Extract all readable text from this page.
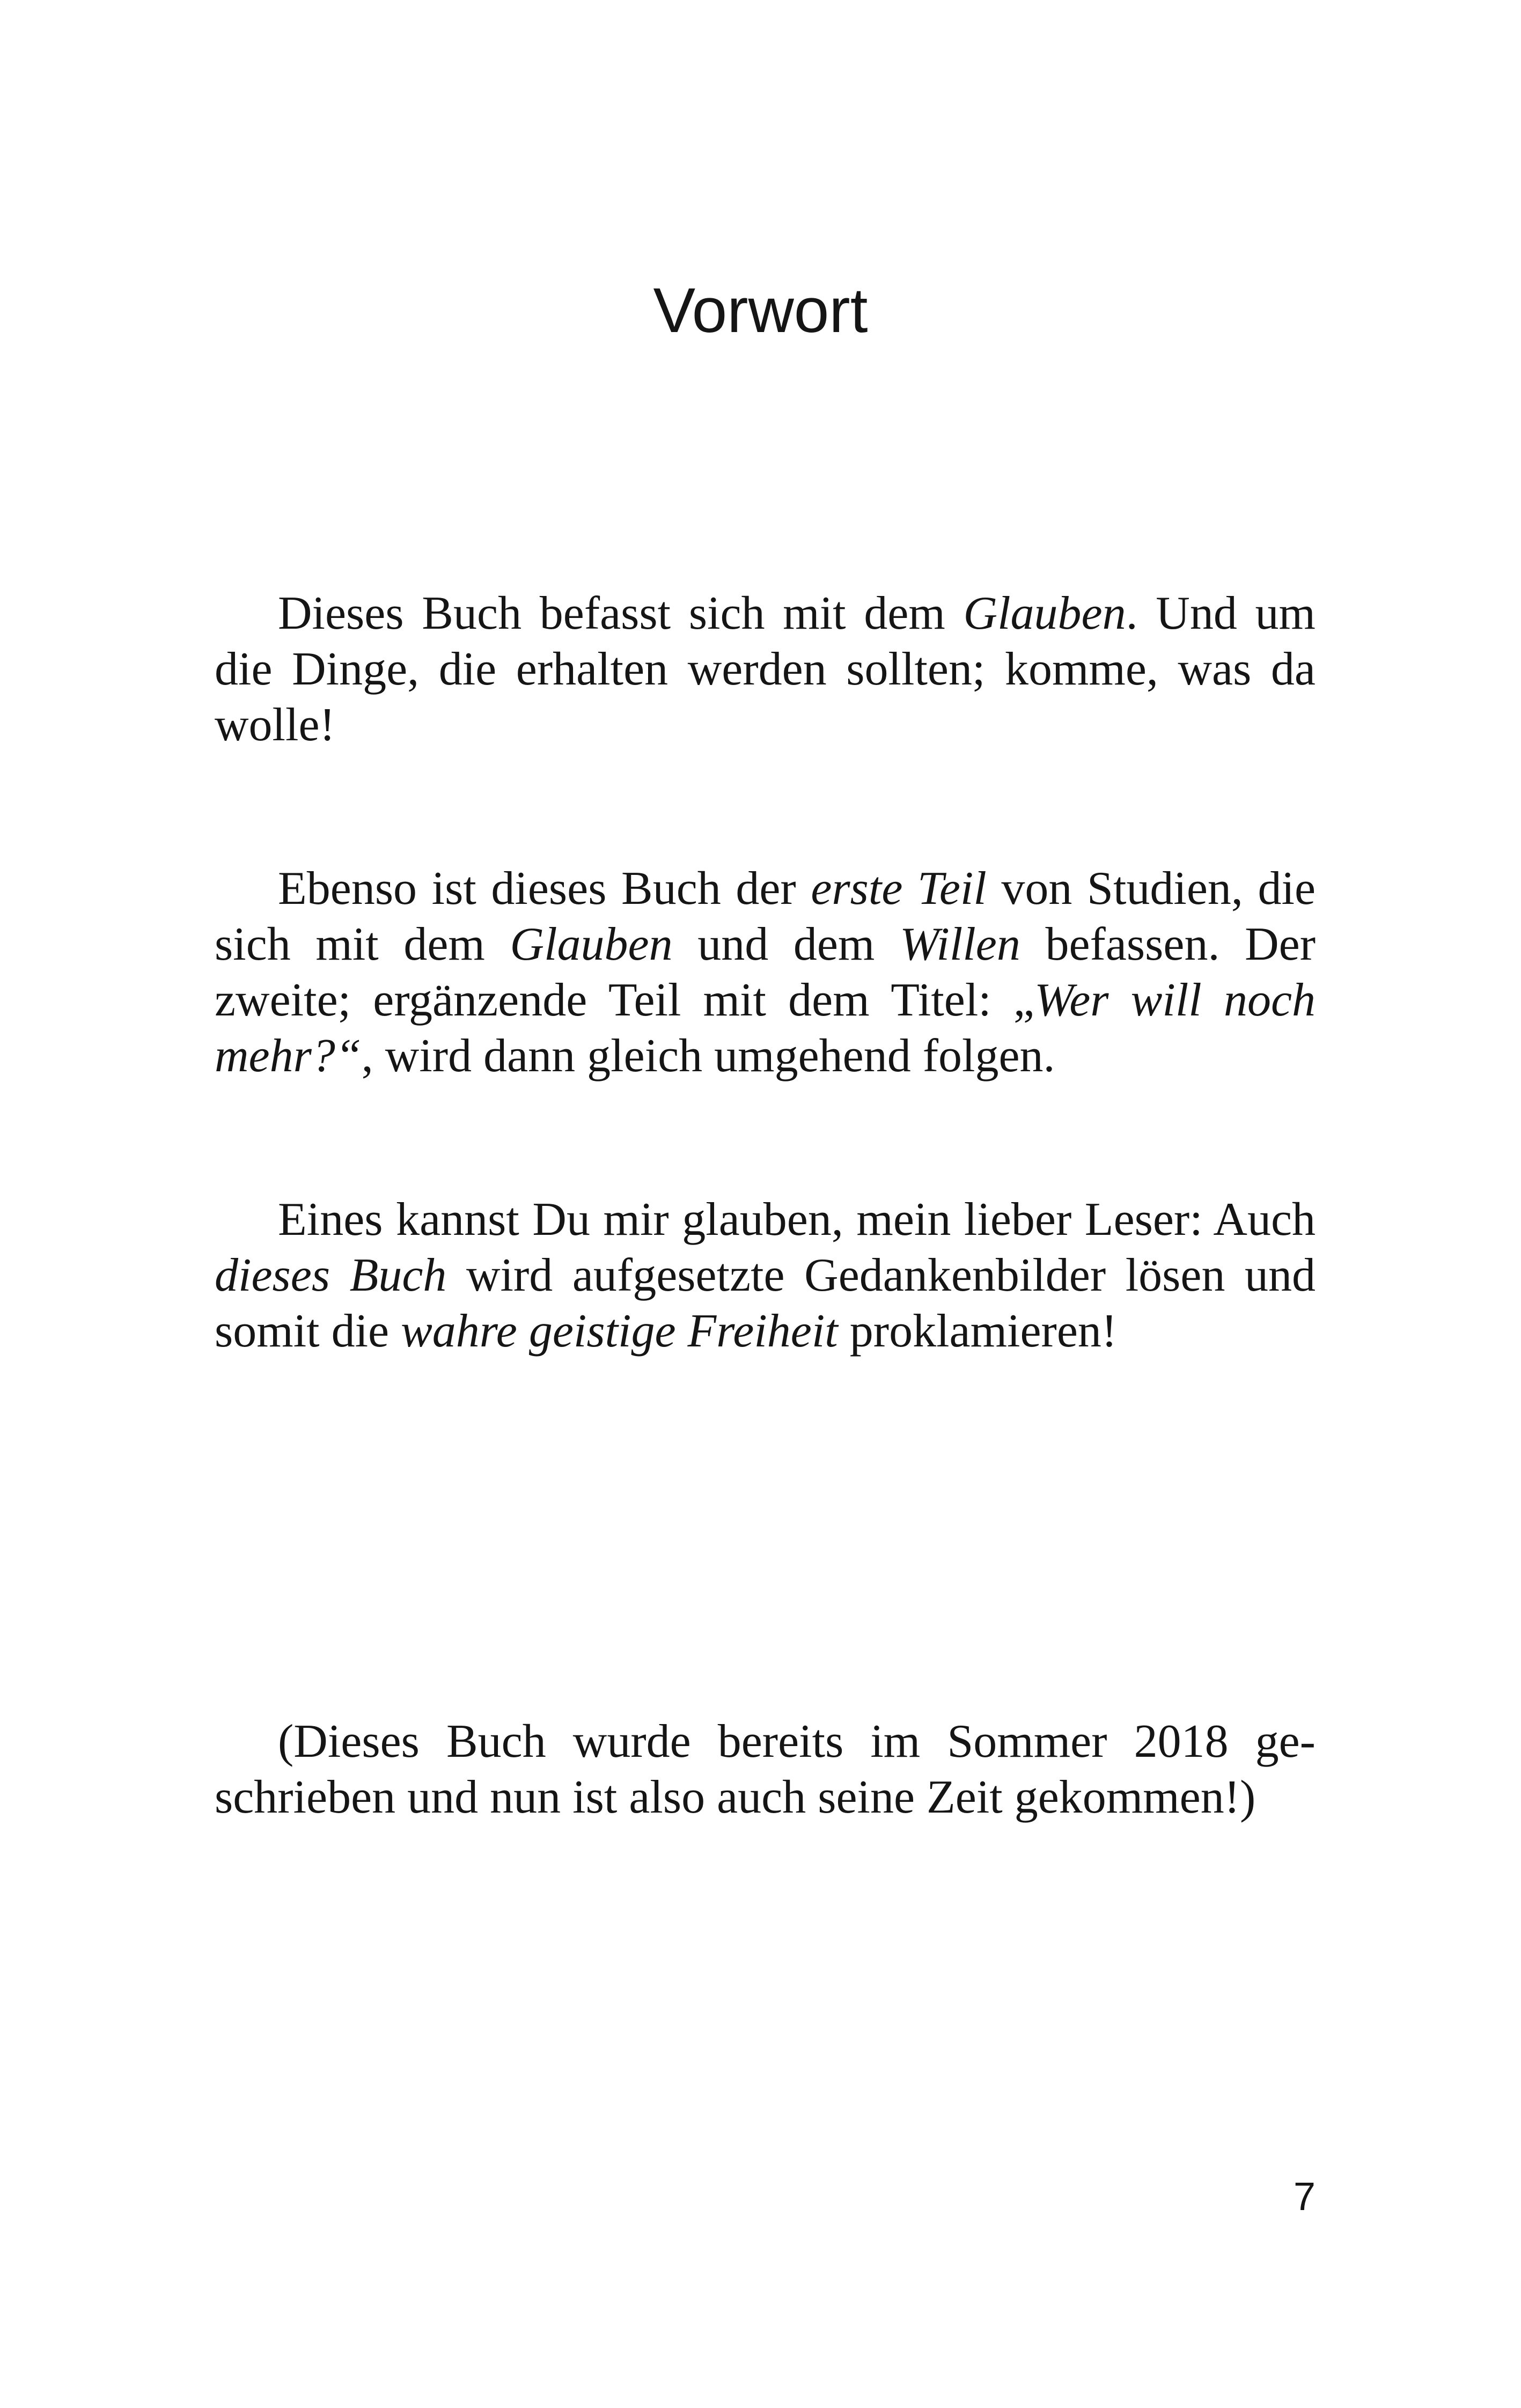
Vorwort
Dieses Buch befasst sich mit dem Glauben. Und um
die Dinge, die erhalten werden sollten; komme, was da
wolle!
Ebenso ist dieses Buch der erste Teil von Studien, die
sich mit dem Glauben und dem Willen befassen. Der
zweite; ergänzende Teil mit dem Titel: „Wer will noch
mehr?“, wird dann gleich umgehend folgen.
Eines kannst Du mir glauben, mein lieber Leser: Auch
dieses Buch wird aufgesetzte Gedankenbilder lösen und
somit die wahre geistige Freiheit proklamieren!
(Dieses Buch wurde bereits im Sommer 2018 ge-
schrieben und nun ist also auch seine Zeit gekommen!)
7
